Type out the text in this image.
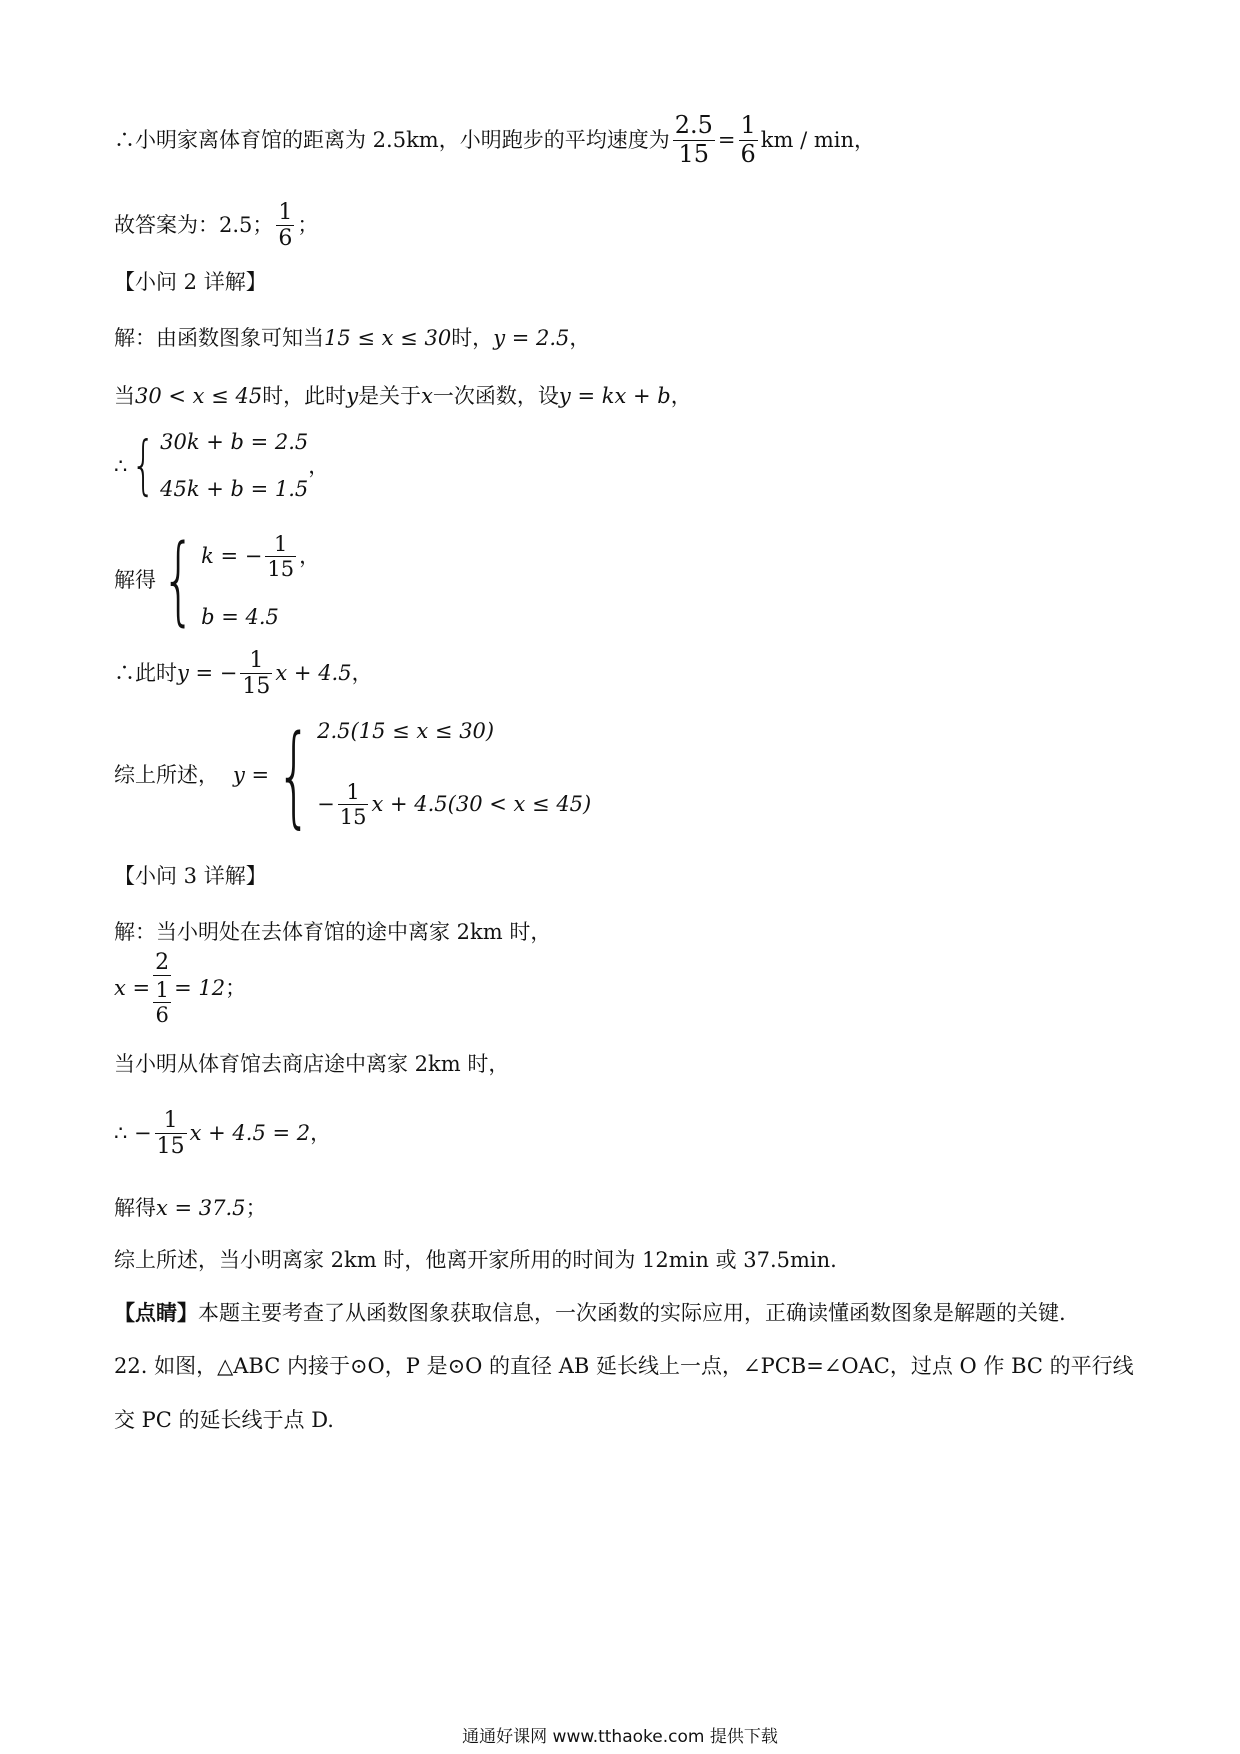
∴小明家离体育馆的距离为 2.5km，小明跑步的平均速度为 $\frac{2.5}{15} = \frac{1}{6}$ km / min，
故答案为：2.5； $\frac{1}{6}$ ；
【小问 2 详解】
解：由函数图象可知当15 ≤ x ≤ 30时，y = 2.5，
当30 < x ≤ 45时，此时y是关于x一次函数，设y = kx + b，
∴ { 30k + b = 2.5
45k + b = 1.5
，
解得 { k = − $\frac{1}{15}$ ，
b = 4.5
∴此时 y = − $\frac{1}{15}$ x + 4.5 ，
综上所述， y = { 2.5(15 ≤ x ≤ 30)
− $\frac{1}{15}$ x + 4.5(30 < x ≤ 45)
【小问 3 详解】
解：当小明处在去体育馆的途中离家 2km 时，
$x = \frac{2}{\frac{1}{6}} = 12$ ；
当小明从体育馆去商店途中离家 2km 时，
∴ − $\frac{1}{15}$ x + 4.5 = 2 ，
解得x = 37.5；
综上所述，当小明离家 2km 时，他离开家所用的时间为 12min 或 37.5min.
【点睛】本题主要考查了从函数图象获取信息，一次函数的实际应用，正确读懂函数图象是解题的关键.
22. 如图，△ABC 内接于⊙O，P 是⊙O 的直径 AB 延长线上一点，∠PCB=∠OAC，过点 O 作 BC 的平行线
交 PC 的延长线于点 D.
通通好课网 www.tthaoke.com 提供下载
